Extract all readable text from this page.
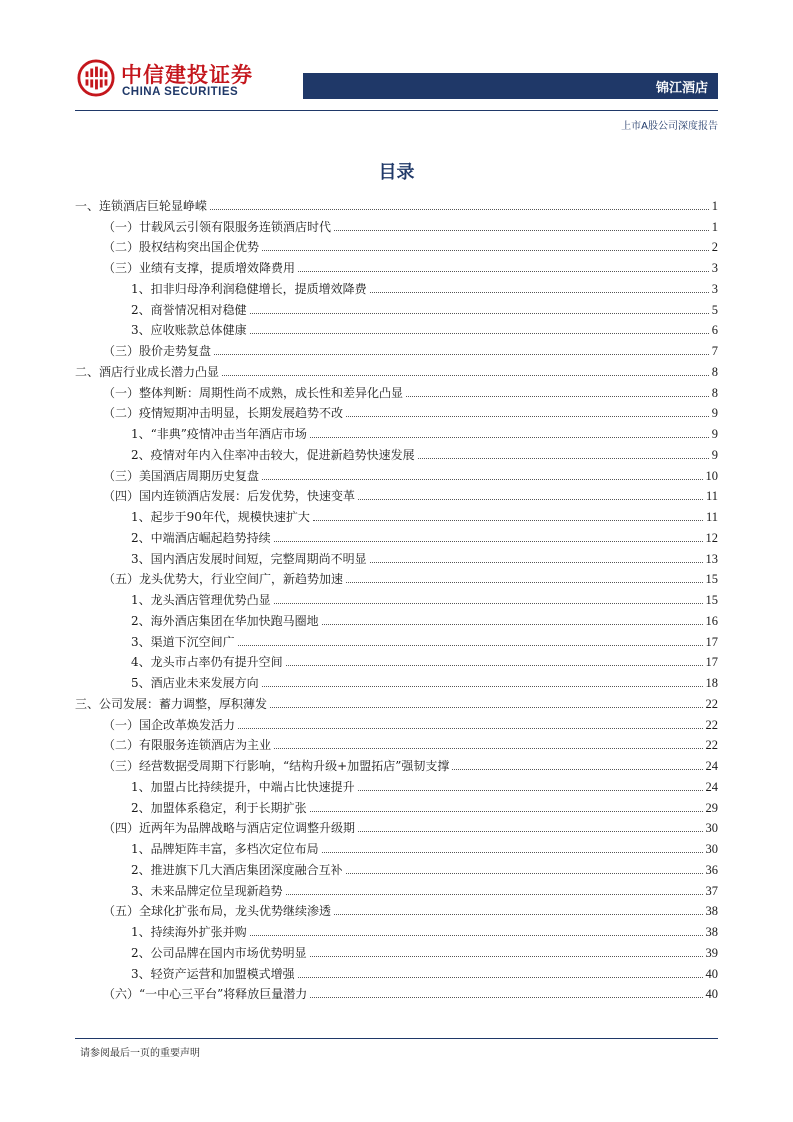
中信建投证券
CHINA SECURITIES	锦江酒店
上市A股公司深度报告
目录
一、连锁酒店巨轮显峥嵘	1
（一）廿载风云引领有限服务连锁酒店时代	1
（二）股权结构突出国企优势	2
（三）业绩有支撑，提质增效降费用	3
1、扣非归母净利润稳健增长，提质增效降费	3
2、商誉情况相对稳健	5
3、应收账款总体健康	6
（三）股价走势复盘	7
二、酒店行业成长潜力凸显	8
（一）整体判断：周期性尚不成熟，成长性和差异化凸显	8
（二）疫情短期冲击明显，长期发展趋势不改	9
1、“非典”疫情冲击当年酒店市场	9
2、疫情对年内入住率冲击较大，促进新趋势快速发展	9
（三）美国酒店周期历史复盘	10
（四）国内连锁酒店发展：后发优势，快速变革	11
1、起步于90年代，规模快速扩大	11
2、中端酒店崛起趋势持续	12
3、国内酒店发展时间短，完整周期尚不明显	13
（五）龙头优势大，行业空间广，新趋势加速	15
1、龙头酒店管理优势凸显	15
2、海外酒店集团在华加快跑马圈地	16
3、渠道下沉空间广	17
4、龙头市占率仍有提升空间	17
5、酒店业未来发展方向	18
三、公司发展：蓄力调整，厚积薄发	22
（一）国企改革焕发活力	22
（二）有限服务连锁酒店为主业	22
（三）经营数据受周期下行影响，“结构升级+加盟拓店”强韧支撑	24
1、加盟占比持续提升，中端占比快速提升	24
2、加盟体系稳定，利于长期扩张	29
（四）近两年为品牌战略与酒店定位调整升级期	30
1、品牌矩阵丰富，多档次定位布局	30
2、推进旗下几大酒店集团深度融合互补	36
3、未来品牌定位呈现新趋势	37
（五）全球化扩张布局，龙头优势继续渗透	38
1、持续海外扩张并购	38
2、公司品牌在国内市场优势明显	39
3、轻资产运营和加盟模式增强	40
（六）“一中心三平台”将释放巨量潜力	40
请参阅最后一页的重要声明
